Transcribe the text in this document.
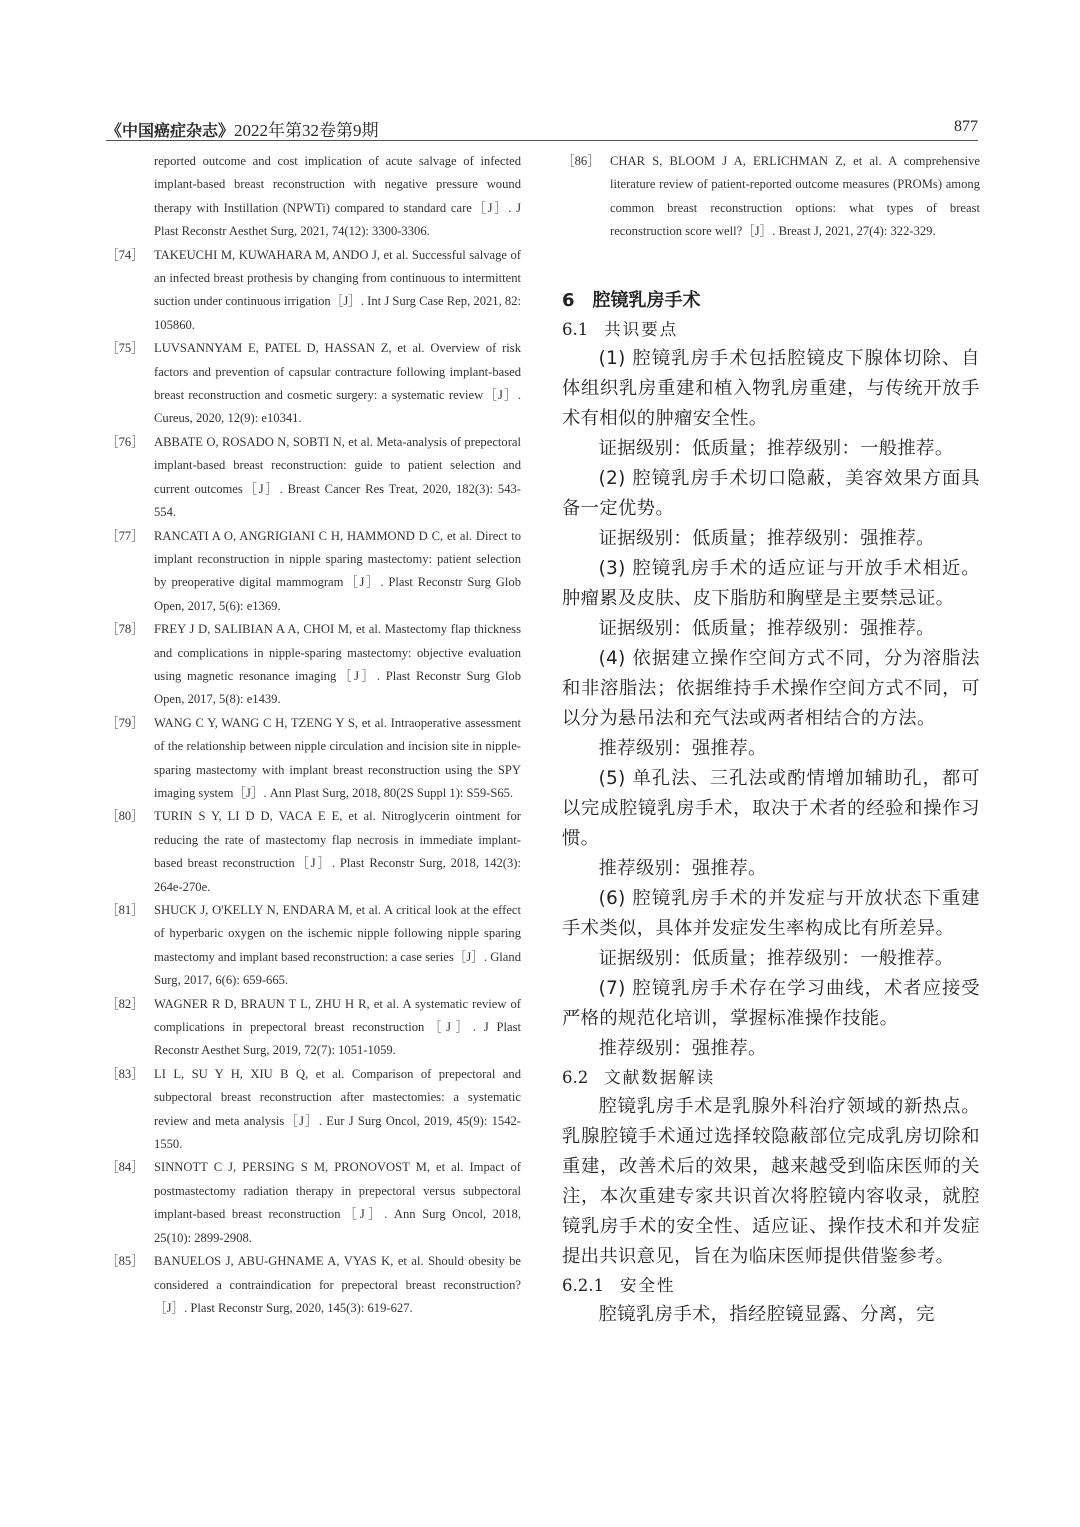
《中国癌症杂志》2022年第32卷第9期	877
reported outcome and cost implication of acute salvage of infected implant-based breast reconstruction with negative pressure wound therapy with Instillation (NPWTi) compared to standard care［J］. J Plast Reconstr Aesthet Surg, 2021, 74(12): 3300-3306.
［74］ TAKEUCHI M, KUWAHARA M, ANDO J, et al. Successful salvage of an infected breast prothesis by changing from continuous to intermittent suction under continuous irrigation［J］. Int J Surg Case Rep, 2021, 82: 105860.
［75］ LUVSANNYAM E, PATEL D, HASSAN Z, et al. Overview of risk factors and prevention of capsular contracture following implant-based breast reconstruction and cosmetic surgery: a systematic review［J］. Cureus, 2020, 12(9): e10341.
［76］ ABBATE O, ROSADO N, SOBTI N, et al. Meta-analysis of prepectoral implant-based breast reconstruction: guide to patient selection and current outcomes［J］. Breast Cancer Res Treat, 2020, 182(3): 543-554.
［77］ RANCATI A O, ANGRIGIANI C H, HAMMOND D C, et al. Direct to implant reconstruction in nipple sparing mastectomy: patient selection by preoperative digital mammogram［J］. Plast Reconstr Surg Glob Open, 2017, 5(6): e1369.
［78］ FREY J D, SALIBIAN A A, CHOI M, et al. Mastectomy flap thickness and complications in nipple-sparing mastectomy: objective evaluation using magnetic resonance imaging［J］. Plast Reconstr Surg Glob Open, 2017, 5(8): e1439.
［79］ WANG C Y, WANG C H, TZENG Y S, et al. Intraoperative assessment of the relationship between nipple circulation and incision site in nipple-sparing mastectomy with implant breast reconstruction using the SPY imaging system［J］. Ann Plast Surg, 2018, 80(2S Suppl 1): S59-S65.
［80］ TURIN S Y, LI D D, VACA E E, et al. Nitroglycerin ointment for reducing the rate of mastectomy flap necrosis in immediate implant-based breast reconstruction［J］. Plast Reconstr Surg, 2018, 142(3): 264e-270e.
［81］ SHUCK J, O'KELLY N, ENDARA M, et al. A critical look at the effect of hyperbaric oxygen on the ischemic nipple following nipple sparing mastectomy and implant based reconstruction: a case series［J］. Gland Surg, 2017, 6(6): 659-665.
［82］ WAGNER R D, BRAUN T L, ZHU H R, et al. A systematic review of complications in prepectoral breast reconstruction［J］. J Plast Reconstr Aesthet Surg, 2019, 72(7): 1051-1059.
［83］ LI L, SU Y H, XIU B Q, et al. Comparison of prepectoral and subpectoral breast reconstruction after mastectomies: a systematic review and meta analysis［J］. Eur J Surg Oncol, 2019, 45(9): 1542-1550.
［84］ SINNOTT C J, PERSING S M, PRONOVOST M, et al. Impact of postmastectomy radiation therapy in prepectoral versus subpectoral implant-based breast reconstruction［J］. Ann Surg Oncol, 2018, 25(10): 2899-2908.
［85］ BANUELOS J, ABU-GHNAME A, VYAS K, et al. Should obesity be considered a contraindication for prepectoral breast reconstruction?［J］. Plast Reconstr Surg, 2020, 145(3): 619-627.
［86］ CHAR S, BLOOM J A, ERLICHMAN Z, et al. A comprehensive literature review of patient-reported outcome measures (PROMs) among common breast reconstruction options: what types of breast reconstruction score well?［J］. Breast J, 2021, 27(4): 322-329.
6　腔镜乳房手术
6.1 共识要点

(1) 腔镜乳房手术包括腔镜皮下腺体切除、自体组织乳房重建和植入物乳房重建，与传统开放手术有相似的肿瘤安全性。

证据级别：低质量；推荐级别：一般推荐。

(2) 腔镜乳房手术切口隐蔽，美容效果方面具备一定优势。

证据级别：低质量；推荐级别：强推荐。

(3) 腔镜乳房手术的适应证与开放手术相近。肿瘤累及皮肤、皮下脂肪和胸壁是主要禁忌证。

证据级别：低质量；推荐级别：强推荐。

(4) 依据建立操作空间方式不同，分为溶脂法和非溶脂法；依据维持手术操作空间方式不同，可以分为悬吊法和充气法或两者相结合的方法。

推荐级别：强推荐。

(5) 单孔法、三孔法或酌情增加辅助孔，都可以完成腔镜乳房手术，取决于术者的经验和操作习惯。

推荐级别：强推荐。

(6) 腔镜乳房手术的并发症与开放状态下重建手术类似，具体并发症发生率构成比有所差异。

证据级别：低质量；推荐级别：一般推荐。

(7) 腔镜乳房手术存在学习曲线，术者应接受严格的规范化培训，掌握标准操作技能。

推荐级别：强推荐。

6.2 文献数据解读

腔镜乳房手术是乳腺外科治疗领域的新热点。乳腺腔镜手术通过选择较隐蔽部位完成乳房切除和重建，改善术后的效果，越来越受到临床医师的关注，本次重建专家共识首次将腔镜内容收录，就腔镜乳房手术的安全性、适应证、操作技术和并发症提出共识意见，旨在为临床医师提供借鉴参考。

6.2.1 安全性

腔镜乳房手术，指经腔镜显露、分离，完
